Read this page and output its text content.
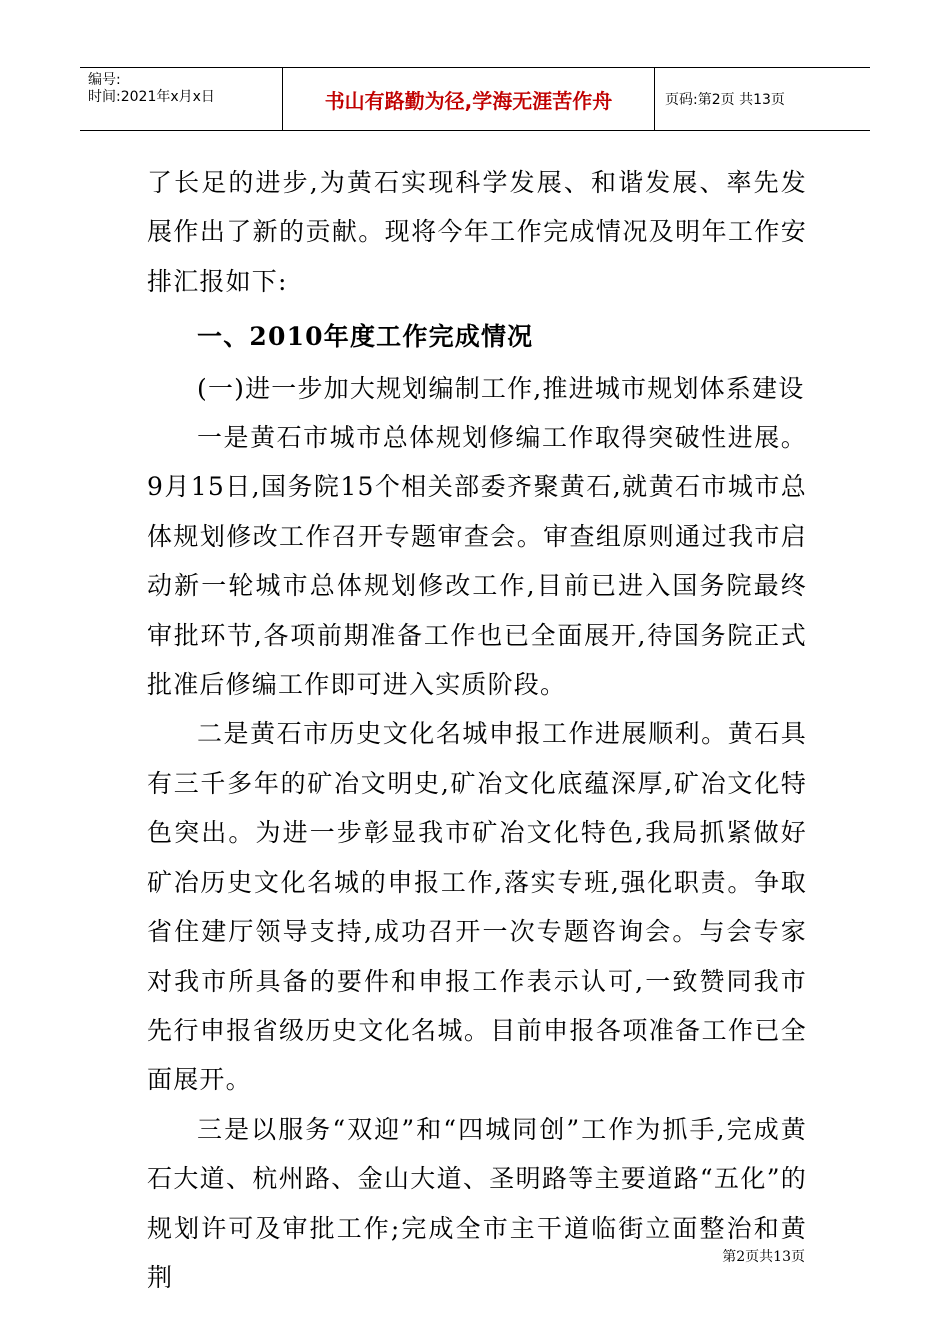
编号:
时间:2021年x月x日	书山有路勤为径,学海无涯苦作舟	页码:第2页 共13页

了长足的进步,为黄石实现科学发展、和谐发展、率先发展作出了新的贡献。现将今年工作完成情况及明年工作安排汇报如下:

一、2010年度工作完成情况

(一)进一步加大规划编制工作,推进城市规划体系建设

一是黄石市城市总体规划修编工作取得突破性进展。9月15日,国务院15个相关部委齐聚黄石,就黄石市城市总体规划修改工作召开专题审查会。审查组原则通过我市启动新一轮城市总体规划修改工作,目前已进入国务院最终审批环节,各项前期准备工作也已全面展开,待国务院正式批准后修编工作即可进入实质阶段。

二是黄石市历史文化名城申报工作进展顺利。黄石具有三千多年的矿冶文明史,矿冶文化底蕴深厚,矿冶文化特色突出。为进一步彰显我市矿冶文化特色,我局抓紧做好矿冶历史文化名城的申报工作,落实专班,强化职责。争取省住建厅领导支持,成功召开一次专题咨询会。与会专家对我市所具备的要件和申报工作表示认可,一致赞同我市先行申报省级历史文化名城。目前申报各项准备工作已全面展开。

三是以服务“双迎”和“四城同创”工作为抓手,完成黄石大道、杭州路、金山大道、圣明路等主要道路“五化”的规划许可及审批工作;完成全市主干道临街立面整治和黄荆

第2页共13页
